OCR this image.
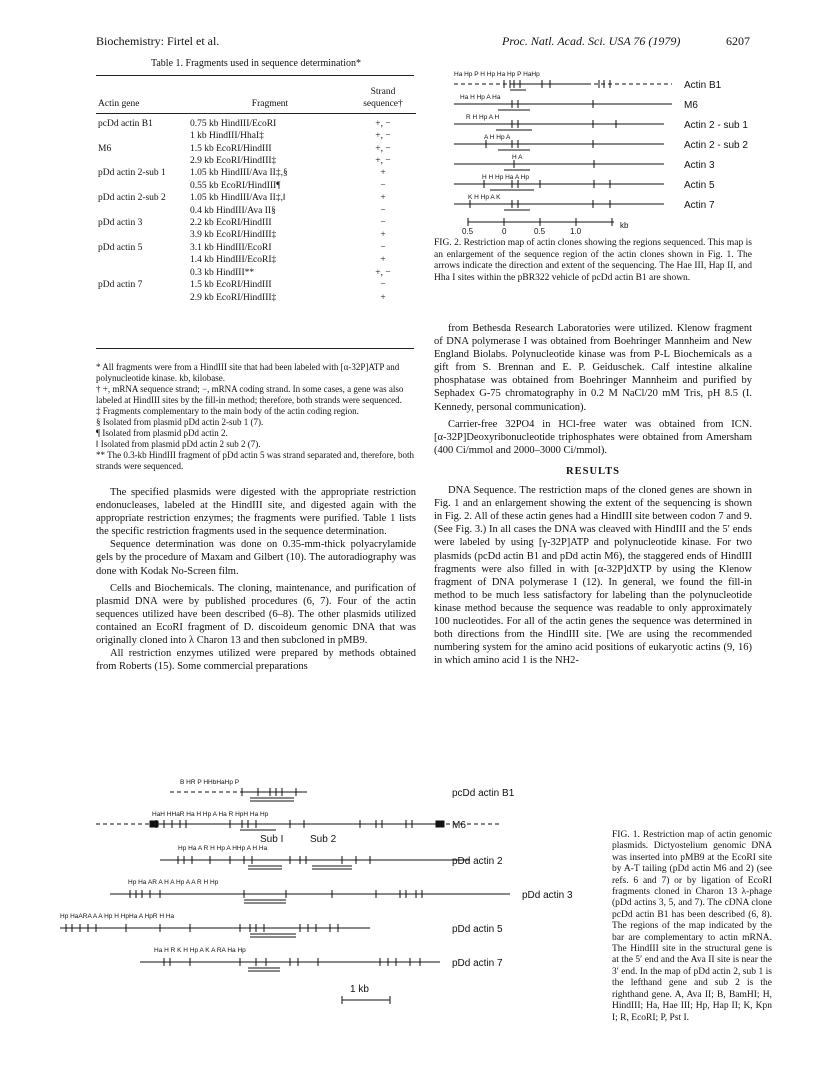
Biochemistry: Firtel et al.	Proc. Natl. Acad. Sci. USA 76 (1979)	6207
Table 1. Fragments used in sequence determination*
Actin gene	Fragment	Strand
sequence†

pcDd actin B1	0.75 kb HindIII/EcoRI	+, −
	1 kb HindIII/HhaI‡	+, −
M6	1.5 kb EcoRI/HindIII	+, −
	2.9 kb EcoRI/HindIII‡	+, −
pDd actin 2-sub 1	1.05 kb HindIII/Ava II‡,§	+
	0.55 kb EcoRI/HindIII¶	−
pDd actin 2-sub 2	1.05 kb HindIII/Ava II‡,‖	+
	0.4 kb HindIII/Ava II§	−
pDd actin 3	2.2 kb EcoRI/HindIII	−
	3.9 kb EcoRI/HindIII‡	+
pDd actin 5	3.1 kb HindIII/EcoRI	−
	1.4 kb HindIII/EcoRI‡	+
	0.3 kb HindIII**	+, −
pDd actin 7	1.5 kb EcoRI/HindIII	−
	2.9 kb EcoRI/HindIII‡	+

* All fragments were from a HindIII site that had been labeled with [α-32P]ATP and polynucleotide kinase. kb, kilobase.

† +, mRNA sequence strand; −, mRNA coding strand. In some cases, a gene was also labeled at HindIII sites by the fill-in method; therefore, both strands were sequenced.

‡ Fragments complementary to the main body of the actin coding region.

§ Isolated from plasmid pDd actin 2-sub 1 (7).

¶ Isolated from plasmid pDd actin 2.

‖ Isolated from plasmid pDd actin 2 sub 2 (7).

** The 0.3-kb HindIII fragment of pDd actin 5 was strand separated and, therefore, both strands were sequenced.

The specified plasmids were digested with the appropriate restriction endonucleases, labeled at the HindIII site, and digested again with the appropriate restriction enzymes; the fragments were purified. Table 1 lists the specific restriction fragments used in the sequence determination.

Sequence determination was done on 0.35-mm-thick polyacrylamide gels by the procedure of Maxam and Gilbert (10). The autoradiography was done with Kodak No-Screen film.

Cells and Biochemicals. The cloning, maintenance, and purification of plasmid DNA were by published procedures (6, 7). Four of the actin sequences utilized have been described (6–8). The other plasmids utilized contained an EcoRI fragment of D. discoideum genomic DNA that was originally cloned into λ Charon 13 and then subcloned in pMB9.

All restriction enzymes utilized were prepared by methods obtained from Roberts (15). Some commercial preparations

Ha Hp P H Hp Ha Hp P HaHp
Ha H Hp A Ha
R H Hp A H
A H Hp A
H A
H H Hp Ha A Hp
K H Hp A K
Actin B1
M6
Actin 2 - sub 1
Actin 2 - sub 2
Actin 3
Actin 5
Actin 7
0.5	0	0.5	1.0
kb
FIG. 2. Restriction map of actin clones showing the regions sequenced. This map is an enlargement of the sequence region of the actin clones shown in Fig. 1. The arrows indicate the direction and extent of the sequencing. The Hae III, Hap II, and Hha I sites within the pBR322 vehicle of pcDd actin B1 are shown.

from Bethesda Research Laboratories were utilized. Klenow fragment of DNA polymerase I was obtained from Boehringer Mannheim and New England Biolabs. Polynucleotide kinase was from P-L Biochemicals as a gift from S. Brennan and E. P. Geiduschek. Calf intestine alkaline phosphatase was obtained from Boehringer Mannheim and purified by Sephadex G-75 chromatography in 0.2 M NaCl/20 mM Tris, pH 8.5 (I. Kennedy, personal communication).

Carrier-free 32PO4 in HCl-free water was obtained from ICN. [α-32P]Deoxyribonucleotide triphosphates were obtained from Amersham (400 Ci/mmol and 2000–3000 Ci/mmol).

RESULTS

DNA Sequence. The restriction maps of the cloned genes are shown in Fig. 1 and an enlargement showing the extent of the sequencing is shown in Fig. 2. All of these actin genes had a HindIII site between codon 7 and 9. (See Fig. 3.) In all cases the DNA was cleaved with HindIII and the 5′ ends were labeled by using [γ-32P]ATP and polynucleotide kinase. For two plasmids (pcDd actin B1 and pDd actin M6), the staggered ends of HindIII fragments were also filled in with [α-32P]dXTP by using the Klenow fragment of DNA polymerase I (12). In general, we found the fill-in method to be much less satisfactory for labeling than the polynucleotide kinase method because the sequence was readable to only approximately 100 nucleotides. For all of the actin genes the sequence was determined in both directions from the HindIII site. [We are using the recommended numbering system for the amino acid positions of eukaryotic actins (9, 16) in which amino acid 1 is the NH2-

B HR P HHbHaHp P
HaH HHaR Ha H Hp A Ha R HpH Ha Hp
Hp Ha A R H Hp A HHp A H Ha
Hp Ha AR A H A Hp A A R H Hp
Hp HaARA A A Hp H HpHa A HpR H Ha
Ha H R K H Hp A K A RA Ha Hp
Sub I	Sub 2
pcDd actin B1
M6
pDd actin 2
pDd actin 3
pDd actin 5
pDd actin 7
1 kb
FIG. 1. Restriction map of actin genomic plasmids. Dictyostelium genomic DNA was inserted into pMB9 at the EcoRI site by A-T tailing (pDd actin M6 and 2) (see refs. 6 and 7) or by ligation of EcoRI fragments cloned in Charon 13 λ-phage (pDd actins 3, 5, and 7). The cDNA clone pcDd actin B1 has been described (6, 8). The regions of the map indicated by the bar are complementary to actin mRNA. The HindIII site in the structural gene is at the 5′ end and the Ava II site is near the 3′ end. In the map of pDd actin 2, sub 1 is the lefthand gene and sub 2 is the righthand gene. A, Ava II; B, BamHI; H, HindIII; Ha, Hae III; Hp, Hap II; K, Kpn I; R, EcoRI; P, Pst I.
